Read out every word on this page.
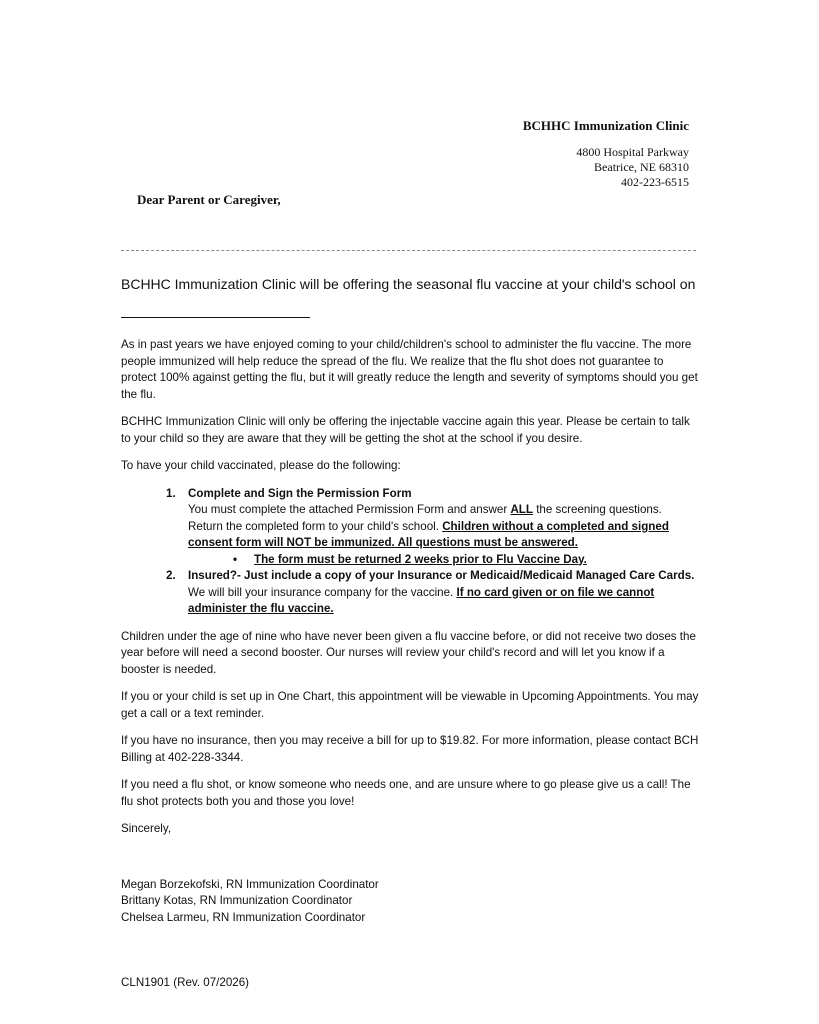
BCHHC Immunization Clinic
4800 Hospital Parkway
Beatrice, NE 68310
402-223-6515
Dear Parent or Caregiver,
BCHHC Immunization Clinic will be offering the seasonal flu vaccine at your child's school on

As in past years we have enjoyed coming to your child/children's school to administer the flu vaccine. The more people immunized will help reduce the spread of the flu. We realize that the flu shot does not guarantee to protect 100% against getting the flu, but it will greatly reduce the length and severity of symptoms should you get the flu.

BCHHC Immunization Clinic will only be offering the injectable vaccine again this year. Please be certain to talk to your child so they are aware that they will be getting the shot at the school if you desire.

To have your child vaccinated, please do the following:

1. Complete and Sign the Permission Form
You must complete the attached Permission Form and answer ALL the screening questions. Return the completed form to your child's school. Children without a completed and signed consent form will NOT be immunized. All questions must be answered.
• The form must be returned 2 weeks prior to Flu Vaccine Day.
2. Insured?- Just include a copy of your Insurance or Medicaid/Medicaid Managed Care Cards. We will bill your insurance company for the vaccine. If no card given or on file we cannot administer the flu vaccine.

Children under the age of nine who have never been given a flu vaccine before, or did not receive two doses the year before will need a second booster. Our nurses will review your child's record and will let you know if a booster is needed.

If you or your child is set up in One Chart, this appointment will be viewable in Upcoming Appointments. You may get a call or a text reminder.

If you have no insurance, then you may receive a bill for up to $19.82. For more information, please contact BCH Billing at 402-228-3344.

If you need a flu shot, or know someone who needs one, and are unsure where to go please give us a call! The flu shot protects both you and those you love!

Sincerely,

Megan Borzekofski, RN Immunization Coordinator
Brittany Kotas, RN Immunization Coordinator
Chelsea Larmeu, RN Immunization Coordinator
CLN1901 (Rev. 07/2026)
